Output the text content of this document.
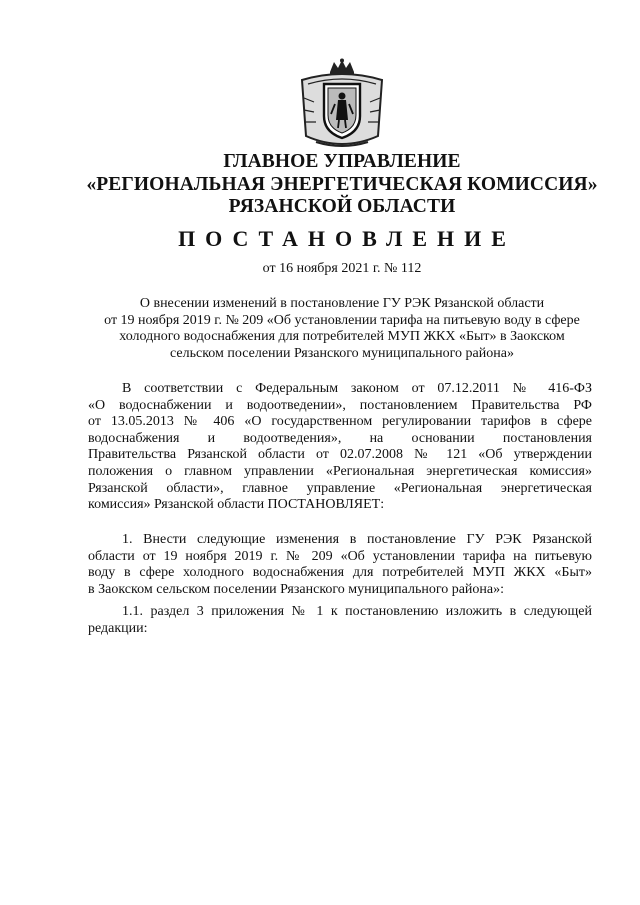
ГЛАВНОЕ УПРАВЛЕНИЕ
«РЕГИОНАЛЬНАЯ ЭНЕРГЕТИЧЕСКАЯ КОМИССИЯ»
РЯЗАНСКОЙ ОБЛАСТИ
ПОСТАНОВЛЕНИЕ
от 16 ноября 2021 г. № 112
О внесении изменений в постановление ГУ РЭК Рязанской области
от 19 ноября 2019 г. № 209 «Об установлении тарифа на питьевую воду в сфере
холодного водоснабжения для потребителей МУП ЖКХ «Быт» в Заокском
сельском поселении Рязанского муниципального района»
В соответствии с Федеральным законом от 07.12.2011 № 416-ФЗ
«О водоснабжении и водоотведении», постановлением Правительства РФ
от 13.05.2013 № 406 «О государственном регулировании тарифов в сфере
водоснабжения и водоотведения», на основании постановления
Правительства Рязанской области от 02.07.2008 № 121 «Об утверждении
положения о главном управлении «Региональная энергетическая комиссия»
Рязанской области», главное управление «Региональная энергетическая
комиссия» Рязанской области ПОСТАНОВЛЯЕТ:
1. Внести следующие изменения в постановление ГУ РЭК Рязанской
области от 19 ноября 2019 г. № 209 «Об установлении тарифа на питьевую
воду в сфере холодного водоснабжения для потребителей МУП ЖКХ «Быт»
в Заокском сельском поселении Рязанского муниципального района»:
1.1. раздел 3 приложения № 1 к постановлению изложить в следующей
редакции:
